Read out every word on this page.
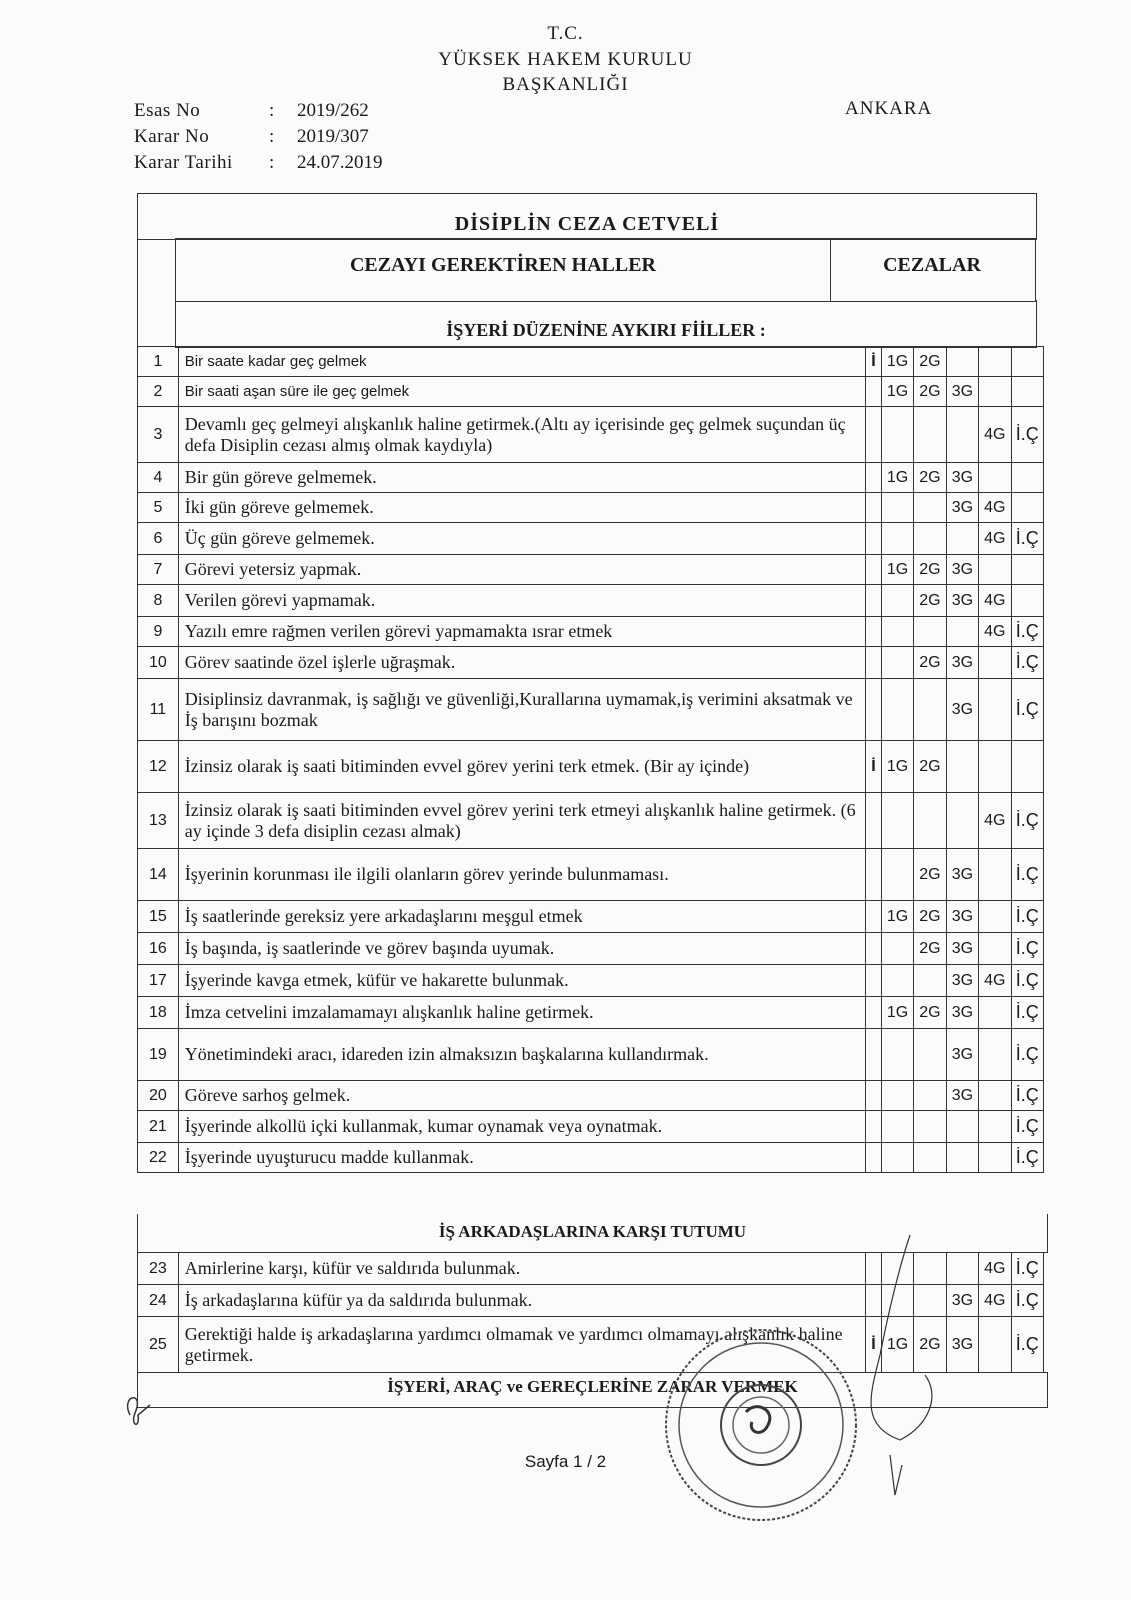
T.C.
YÜKSEK HAKEM KURULU
BAŞKANLIĞI
Esas No	:	2019/262
Karar No	:	2019/307
Karar Tarihi	:	24.07.2019
ANKARA
DİSİPLİN CEZA CETVELİ
CEZAYI GEREKTİREN HALLER	CEZALAR
İŞYERİ DÜZENİNE AYKIRI FİİLLER :
1	Bir saate kadar geç gelmek	İ	1G	2G			
2	Bir saati aşan süre ile geç gelmek		1G	2G	3G		
3	Devamlı geç gelmeyi alışkanlık haline getirmek.(Altı ay içerisinde geç gelmek suçundan üç defa Disiplin cezası almış olmak kaydıyla)					4G	İ.Ç
4	Bir gün göreve gelmemek.		1G	2G	3G		
5	İki gün göreve gelmemek.				3G	4G	
6	Üç gün göreve gelmemek.					4G	İ.Ç
7	Görevi yetersiz yapmak.		1G	2G	3G		
8	Verilen görevi yapmamak.			2G	3G	4G	
9	Yazılı emre rağmen verilen görevi yapmamakta ısrar etmek					4G	İ.Ç
10	Görev saatinde özel işlerle uğraşmak.			2G	3G		İ.Ç
11	Disiplinsiz davranmak, iş sağlığı ve güvenliği,Kurallarına uymamak,iş verimini aksatmak ve İş barışını bozmak				3G		İ.Ç
12	İzinsiz olarak iş saati bitiminden evvel görev yerini terk etmek. (Bir ay içinde)	İ	1G	2G			
13	İzinsiz olarak iş saati bitiminden evvel görev yerini terk etmeyi alışkanlık haline getirmek. (6 ay içinde 3 defa disiplin cezası almak)					4G	İ.Ç
14	İşyerinin korunması ile ilgili olanların görev yerinde bulunmaması.			2G	3G		İ.Ç
15	İş saatlerinde gereksiz yere arkadaşlarını meşgul etmek		1G	2G	3G		İ.Ç
16	İş başında, iş saatlerinde ve görev başında uyumak.			2G	3G		İ.Ç
17	İşyerinde kavga etmek, küfür ve hakarette bulunmak.				3G	4G	İ.Ç
18	İmza cetvelini imzalamamayı alışkanlık haline getirmek.		1G	2G	3G		İ.Ç
19	Yönetimindeki aracı, idareden izin almaksızın başkalarına kullandırmak.				3G		İ.Ç
20	Göreve sarhoş gelmek.				3G		İ.Ç
21	İşyerinde alkollü içki kullanmak, kumar oynamak veya oynatmak.						İ.Ç
22	İşyerinde uyuşturucu madde kullanmak.						İ.Ç
İŞ ARKADAŞLARINA KARŞI TUTUMU
23	Amirlerine karşı, küfür ve saldırıda bulunmak.					4G	İ.Ç
24	İş arkadaşlarına küfür ya da saldırıda bulunmak.				3G	4G	İ.Ç
25	Gerektiği halde iş arkadaşlarına yardımcı olmamak ve yardımcı olmamayı alışkanlık haline getirmek.	İ	1G	2G	3G		İ.Ç
İŞYERİ, ARAÇ ve GEREÇLERİNE ZARAR VERMEK
Sayfa 1 / 2
